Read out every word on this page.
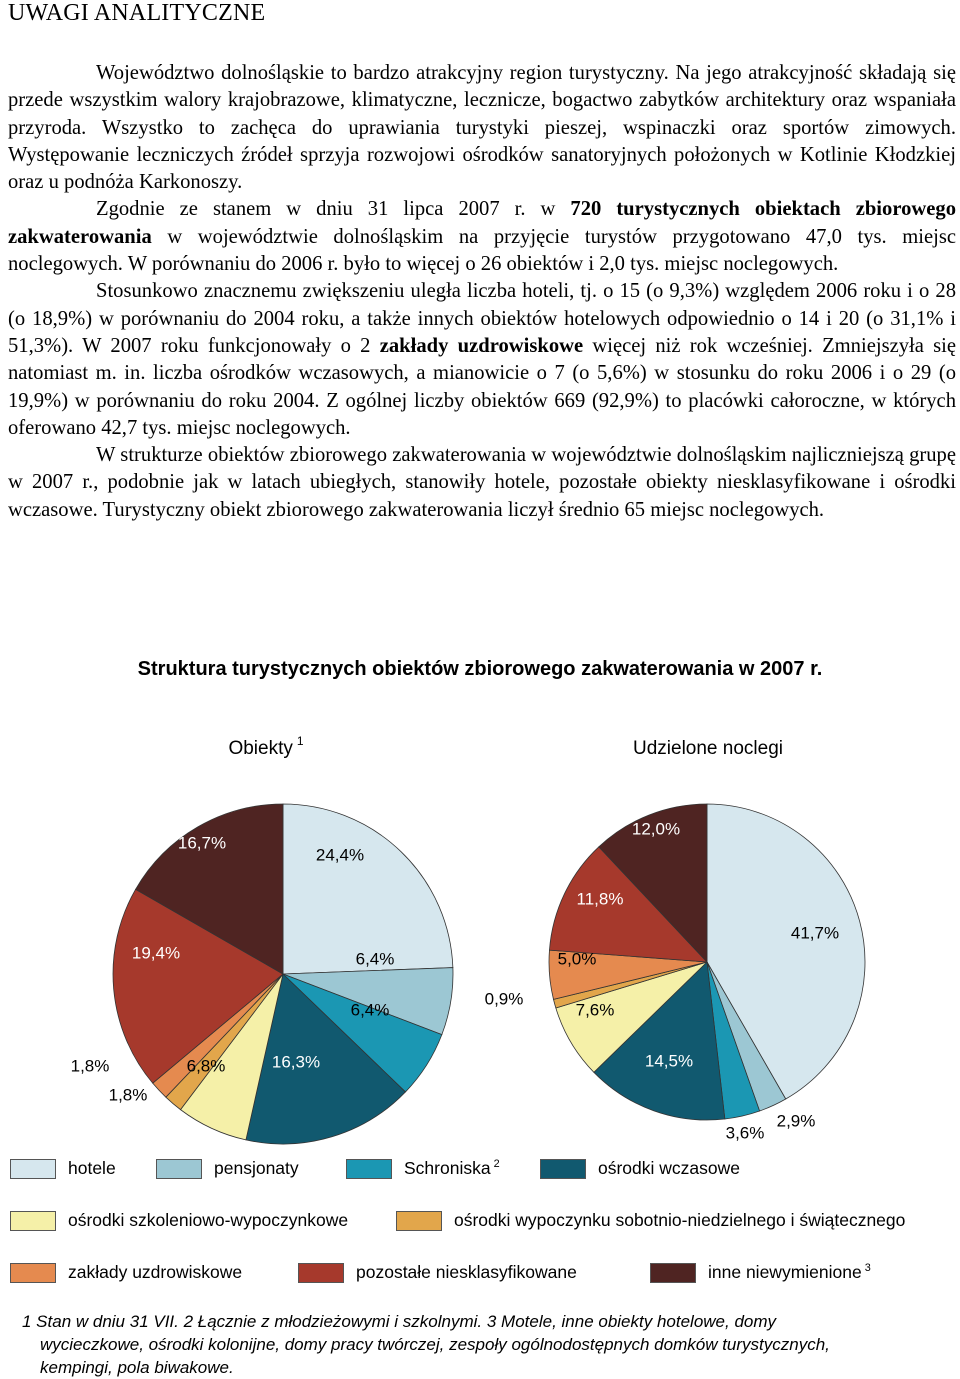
UWAGI ANALITYCZNE

Województwo dolnośląskie to bardzo atrakcyjny region turystyczny. Na jego atrakcyjność składają się przede wszystkim walory krajobrazowe, klimatyczne, lecznicze, bogactwo zabytków architektury oraz wspaniała przyroda. Wszystko to zachęca do uprawiania turystyki pieszej, wspinaczki oraz sportów zimowych. Występowanie leczniczych źródeł sprzyja rozwojowi ośrodków sanatoryjnych położonych w Kotlinie Kłodzkiej oraz u podnóża Karkonoszy.

Zgodnie ze stanem w dniu 31 lipca 2007 r. w 720 turystycznych obiektach zbiorowego zakwaterowania w województwie dolnośląskim na przyjęcie turystów przygotowano 47,0 tys. miejsc noclegowych. W porównaniu do 2006 r. było to więcej o 26 obiektów i 2,0 tys. miejsc noclegowych.

Stosunkowo znacznemu zwiększeniu uległa liczba hoteli, tj. o 15 (o 9,3%) względem 2006 roku i o 28 (o 18,9%) w porównaniu do 2004 roku, a także innych obiektów hotelowych odpowiednio o 14 i 20 (o 31,1% i 51,3%). W 2007 roku funkcjonowały o 2 zakłady uzdrowiskowe więcej niż rok wcześniej. Zmniejszyła się natomiast m. in. liczba ośrodków wczasowych, a mianowicie o 7 (o 5,6%) w stosunku do roku 2006 i o 29 (o 19,9%) w porównaniu do roku 2004. Z ogólnej liczby obiektów 669 (92,9%) to placówki całoroczne, w których oferowano 42,7 tys. miejsc noclegowych.

W strukturze obiektów zbiorowego zakwaterowania w województwie dolnośląskim najliczniejszą grupę w 2007 r., podobnie jak w latach ubiegłych, stanowiły hotele, pozostałe obiekty niesklasyfikowane i ośrodki wczasowe. Turystyczny obiekt zbiorowego zakwaterowania liczył średnio 65 miejsc noclegowych.

Struktura turystycznych obiektów zbiorowego zakwaterowania w 2007 r.
Obiekty $^1$
24,4%
6,4%
6,4%
16,3%
6,8%
1,8%
1,8%
19,4%
16,7%
Udzielone noclegi
41,7%
2,9%
3,6%
14,5%
7,6%
0,9%
5,0%
11,8%
12,0%
hotele	pensjonaty	Schroniska $^2$	ośrodki wczasowe
ośrodki szkoleniowo-wypoczynkowe	ośrodki wypoczynku sobotnio-niedzielnego i świątecznego
zakłady uzdrowiskowe	pozostałe niesklasyfikowane	inne niewymienione $^3$
1 Stan w dniu 31 VII. 2 Łącznie z młodzieżowymi i szkolnymi. 3 Motele, inne obiekty hotelowe, domy
wycieczkowe, ośrodki kolonijne, domy pracy twórczej, zespoły ogólnodostępnych domków turystycznych,
kempingi, pola biwakowe.
